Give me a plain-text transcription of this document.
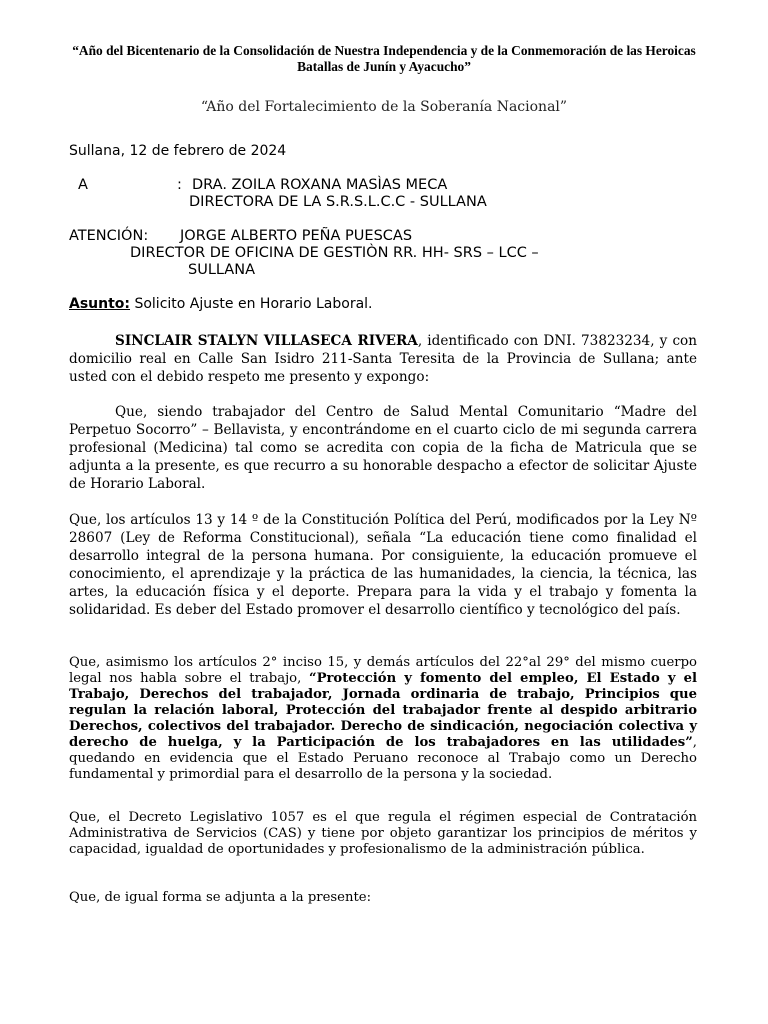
“Año del Bicentenario de la Consolidación de Nuestra Independencia y de la Conmemoración de las Heroicas Batallas de Junín y Ayacucho”
“Año del Fortalecimiento de la Soberanía Nacional”
Sullana, 12 de febrero de 2024
A	: DRA. ZOILA ROXANA MASÌAS MECA
DIRECTORA DE LA S.R.S.L.C.C - SULLANA
ATENCIÓN: JORGE ALBERTO PEÑA PUESCAS
DIRECTOR DE OFICINA DE GESTIÒN RR. HH- SRS – LCC –
SULLANA
Asunto: Solicito Ajuste en Horario Laboral.
SINCLAIR STALYN VILLASECA RIVERA, identificado con DNI. 73823234, y con domicilio real en Calle San Isidro 211-Santa Teresita de la Provincia de Sullana; ante usted con el debido respeto me presento y expongo:
Que, siendo trabajador del Centro de Salud Mental Comunitario “Madre del Perpetuo Socorro” – Bellavista, y encontrándome en el cuarto ciclo de mi segunda carrera profesional (Medicina) tal como se acredita con copia de la ficha de Matricula que se adjunta a la presente, es que recurro a su honorable despacho a efector de solicitar Ajuste de Horario Laboral.
Que, los artículos 13 y 14 º de la Constitución Política del Perú, modificados por la Ley Nº 28607 (Ley de Reforma Constitucional), señala “La educación tiene como finalidad el desarrollo integral de la persona humana. Por consiguiente, la educación promueve el conocimiento, el aprendizaje y la práctica de las humanidades, la ciencia, la técnica, las artes, la educación física y el deporte. Prepara para la vida y el trabajo y fomenta la solidaridad. Es deber del Estado promover el desarrollo científico y tecnológico del país.
Que, asimismo los artículos 2° inciso 15, y demás artículos del 22°al 29° del mismo cuerpo legal nos habla sobre el trabajo, “Protección y fomento del empleo, El Estado y el Trabajo, Derechos del trabajador, Jornada ordinaria de trabajo, Principios que regulan la relación laboral, Protección del trabajador frente al despido arbitrario Derechos, colectivos del trabajador. Derecho de sindicación, negociación colectiva y derecho de huelga, y la Participación de los trabajadores en las utilidades”, quedando en evidencia que el Estado Peruano reconoce al Trabajo como un Derecho fundamental y primordial para el desarrollo de la persona y la sociedad.
Que, el Decreto Legislativo 1057 es el que regula el régimen especial de Contratación Administrativa de Servicios (CAS) y tiene por objeto garantizar los principios de méritos y capacidad, igualdad de oportunidades y profesionalismo de la administración pública.
Que, de igual forma se adjunta a la presente:
